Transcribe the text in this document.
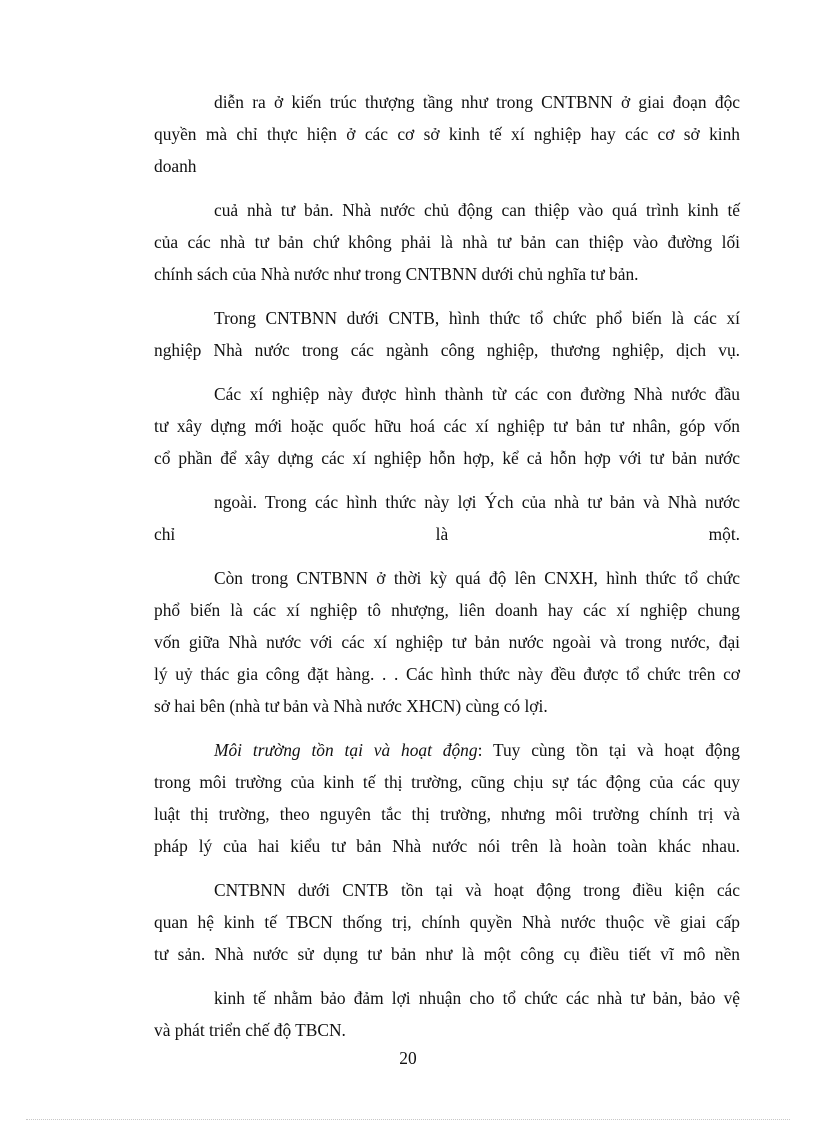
diễn ra ở kiến trúc thượng tầng như trong CNTBNN ở giai đoạn độc
quyền mà chỉ thực hiện ở các cơ sở kinh tế xí nghiệp hay các cơ sở kinh
doanh
cuả nhà tư bản. Nhà nước chủ động can thiệp vào quá trình kinh tế
của các nhà tư bản chứ không phải là nhà tư bản can thiệp vào đường lối
chính sách của Nhà nước như trong CNTBNN dưới chủ nghĩa tư bản.
Trong CNTBNN dưới CNTB, hình thức tổ chức phổ biến là các xí
nghiệp Nhà nước trong các ngành công nghiệp, thương nghiệp, dịch vụ.
Các xí nghiệp này được hình thành từ các con đường Nhà nước đầu
tư xây dựng mới hoặc quốc hữu hoá các xí nghiệp tư bản tư nhân, góp vốn
cổ phần để xây dựng các xí nghiệp hỗn hợp, kể cả hỗn hợp với tư bản nước
ngoài. Trong các hình thức này lợi Ých của nhà tư bản và Nhà nước
chỉ	là	một.
Còn trong CNTBNN ở thời kỳ quá độ lên CNXH, hình thức tổ chức
phổ biến là các xí nghiệp tô nhượng, liên doanh hay các xí nghiệp chung
vốn giữa Nhà nước với các xí nghiệp tư bản nước ngoài và trong nước, đại
lý uỷ thác gia công đặt hàng. . . Các hình thức này đều được tổ chức trên cơ
sở hai bên (nhà tư bản và Nhà nước XHCN) cùng có lợi.
Môi trường tồn tại và hoạt động: Tuy cùng tồn tại và hoạt động
trong môi trường của kinh tế thị trường, cũng chịu sự tác động của các quy
luật thị trường, theo nguyên tắc thị trường, nhưng môi trường chính trị và
pháp lý của hai kiểu tư bản Nhà nước nói trên là hoàn toàn khác nhau.
CNTBNN dưới CNTB tồn tại và hoạt động trong điều kiện các
quan hệ kinh tế TBCN thống trị, chính quyền Nhà nước thuộc về giai cấp
tư sản. Nhà nước sử dụng tư bản như là một công cụ điều tiết vĩ mô nền
kinh tế nhằm bảo đảm lợi nhuận cho tổ chức các nhà tư bản, bảo vệ
và phát triển chế độ TBCN.
20
